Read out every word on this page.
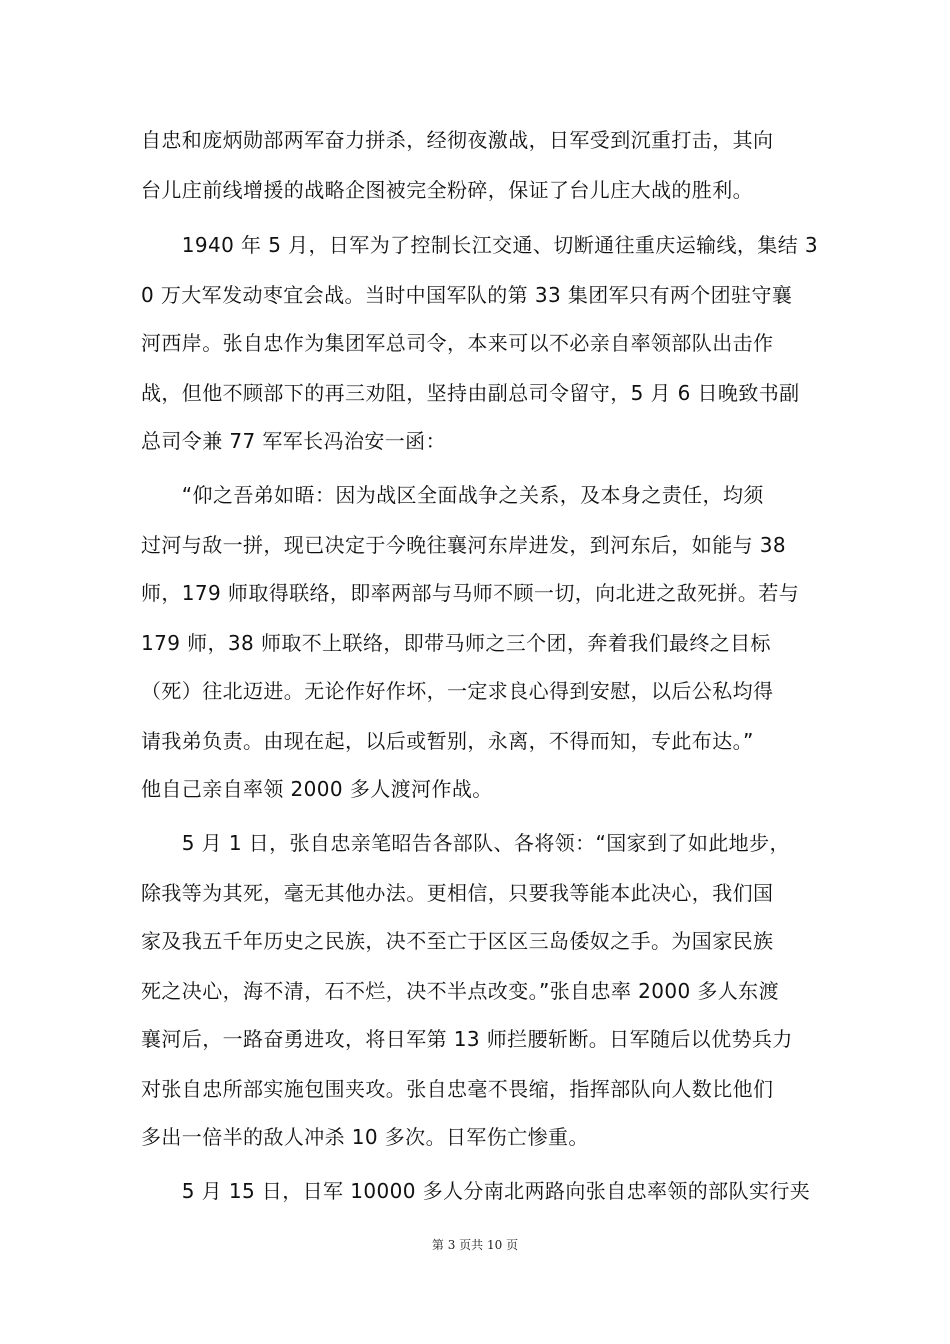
自忠和庞炳勋部两军奋力拼杀，经彻夜激战，日军受到沉重打击，其向
台儿庄前线增援的战略企图被完全粉碎，保证了台儿庄大战的胜利。
　　1940 年 5 月，日军为了控制长江交通、切断通往重庆运输线，集结 3
0 万大军发动枣宜会战。当时中国军队的第 33 集团军只有两个团驻守襄
河西岸。张自忠作为集团军总司令，本来可以不必亲自率领部队出击作
战，但他不顾部下的再三劝阻，坚持由副总司令留守，5 月 6 日晚致书副
总司令兼 77 军军长冯治安一函：
　　“仰之吾弟如晤：因为战区全面战争之关系，及本身之责任，均须
过河与敌一拼，现已决定于今晚往襄河东岸进发，到河东后，如能与 38
师，179 师取得联络，即率两部与马师不顾一切，向北进之敌死拼。若与
179 师，38 师取不上联络，即带马师之三个团，奔着我们最终之目标
（死）往北迈进。无论作好作坏，一定求良心得到安慰，以后公私均得
请我弟负责。由现在起，以后或暂别，永离，不得而知，专此布达。”
他自己亲自率领 2000 多人渡河作战。
　　5 月 1 日，张自忠亲笔昭告各部队、各将领：“国家到了如此地步，
除我等为其死，毫无其他办法。更相信，只要我等能本此决心，我们国
家及我五千年历史之民族，决不至亡于区区三岛倭奴之手。为国家民族
死之决心，海不清，石不烂，决不半点改变。”张自忠率 2000 多人东渡
襄河后，一路奋勇进攻，将日军第 13 师拦腰斩断。日军随后以优势兵力
对张自忠所部实施包围夹攻。张自忠毫不畏缩，指挥部队向人数比他们
多出一倍半的敌人冲杀 10 多次。日军伤亡惨重。
　　5 月 15 日，日军 10000 多人分南北两路向张自忠率领的部队实行夹
第 3 页共 10 页
